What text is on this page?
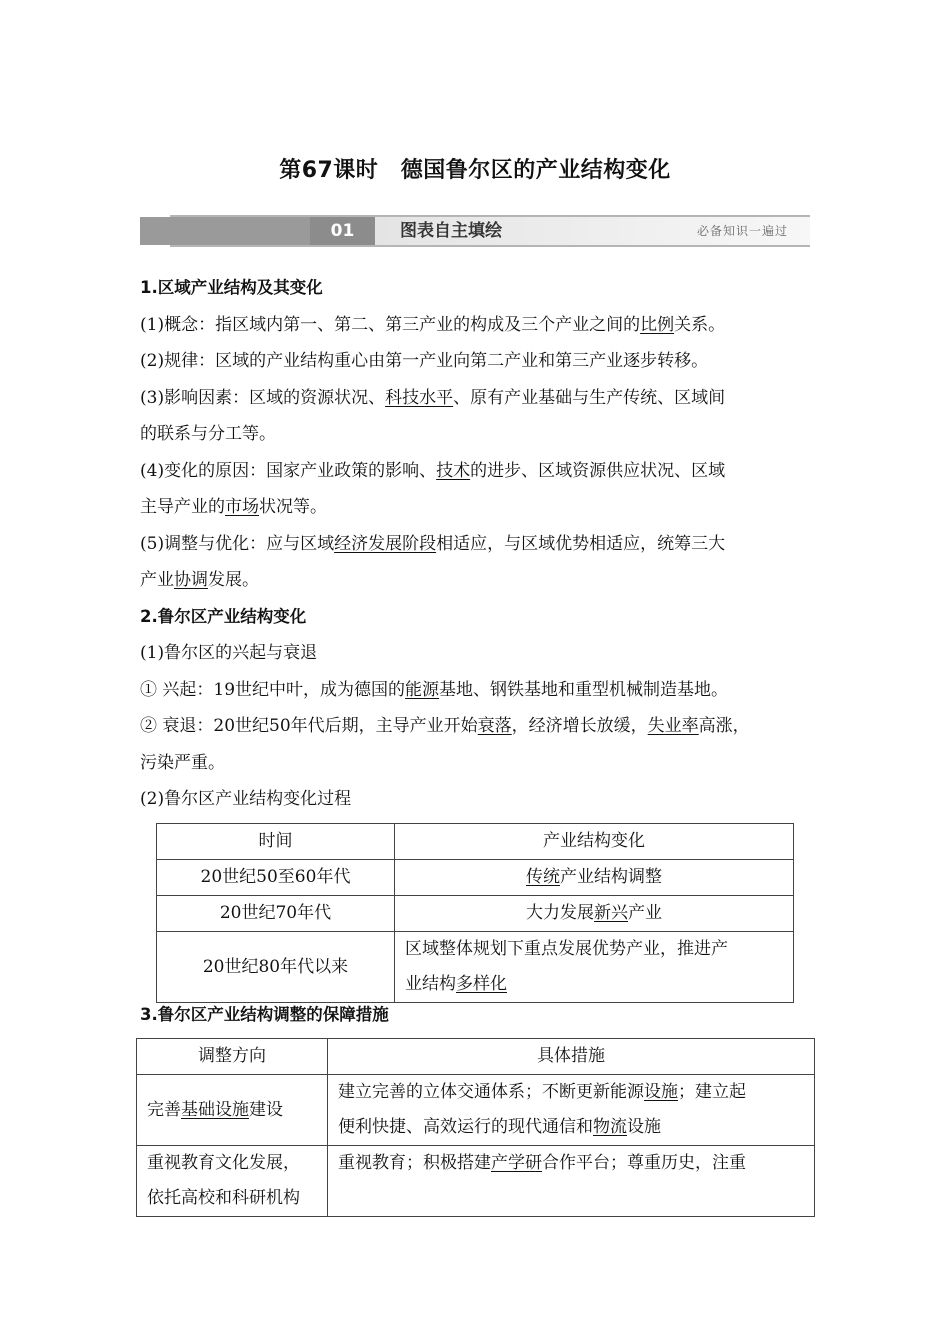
第67课时　德国鲁尔区的产业结构变化
01	图表自主填绘	必备知识一遍过

1.区域产业结构及其变化

(1)概念：指区域内第一、第二、第三产业的构成及三个产业之间的比例关系。

(2)规律：区域的产业结构重心由第一产业向第二产业和第三产业逐步转移。

(3)影响因素：区域的资源状况、科技水平、原有产业基础与生产传统、区域间

的联系与分工等。

(4)变化的原因：国家产业政策的影响、技术的进步、区域资源供应状况、区域

主导产业的市场状况等。

(5)调整与优化：应与区域经济发展阶段相适应，与区域优势相适应，统筹三大

产业协调发展。

2.鲁尔区产业结构变化

(1)鲁尔区的兴起与衰退

① 兴起：19世纪中叶，成为德国的能源基地、钢铁基地和重型机械制造基地。

② 衰退：20世纪50年代后期，主导产业开始衰落，经济增长放缓，失业率高涨，

污染严重。

(2)鲁尔区产业结构变化过程

时间	产业结构变化
20世纪50至60年代	传统产业结构调整
20世纪70年代	大力发展新兴产业
20世纪80年代以来	区域整体规划下重点发展优势产业，推进产
业结构多样化
3.鲁尔区产业结构调整的保障措施
调整方向	具体措施
完善基础设施建设	建立完善的立体交通体系；不断更新能源设施；建立起
便利快捷、高效运行的现代通信和物流设施

重视教育文化发展，
依托高校和科研机构	重视教育；积极搭建产学研合作平台；尊重历史，注重
